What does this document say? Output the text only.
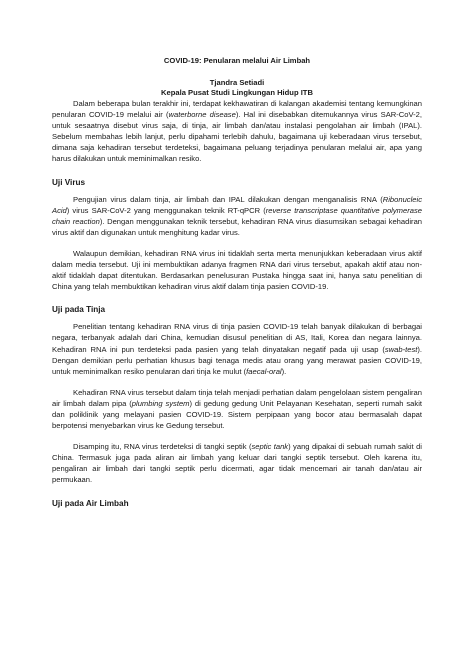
COVID-19: Penularan melalui Air Limbah
Tjandra Setiadi
Kepala Pusat Studi Lingkungan Hidup ITB

Dalam beberapa bulan terakhir ini, terdapat kekhawatiran di kalangan akademisi tentang kemungkinan penularan COVID-19 melalui air (waterborne disease). Hal ini disebabkan ditemukannya virus SAR-CoV-2, untuk sesaatnya disebut virus saja, di tinja, air limbah dan/atau instalasi pengolahan air limbah (IPAL). Sebelum membahas lebih lanjut, perlu dipahami terlebih dahulu, bagaimana uji keberadaan virus tersebut, dimana saja kehadiran tersebut terdeteksi, bagaimana peluang terjadinya penularan melalui air, apa yang harus dilakukan untuk meminimalkan resiko.

Uji Virus

Pengujian virus dalam tinja, air limbah dan IPAL dilakukan dengan menganalisis RNA (Ribonucleic Acid) virus SAR-CoV-2 yang menggunakan teknik RT-qPCR (reverse transcriptase quantitative polymerase chain reaction). Dengan menggunakan teknik tersebut, kehadiran RNA virus diasumsikan sebagai kehadiran virus aktif dan digunakan untuk menghitung kadar virus.

Walaupun demikian, kehadiran RNA virus ini tidaklah serta merta menunjukkan keberadaan virus aktif dalam media tersebut. Uji ini membuktikan adanya fragmen RNA dari virus tersebut, apakah aktif atau non-aktif tidaklah dapat ditentukan. Berdasarkan penelusuran Pustaka hingga saat ini, hanya satu penelitian di China yang telah membuktikan kehadiran virus aktif dalam tinja pasien COVID-19.

Uji pada Tinja

Penelitian tentang kehadiran RNA virus di tinja pasien COVID-19 telah banyak dilakukan di berbagai negara, terbanyak adalah dari China, kemudian disusul penelitian di AS, Itali, Korea dan negara lainnya. Kehadiran RNA ini pun terdeteksi pada pasien yang telah dinyatakan negatif pada uji usap (swab-test). Dengan demikian perlu perhatian khusus bagi tenaga medis atau orang yang merawat pasien COVID-19, untuk meminimalkan resiko penularan dari tinja ke mulut (faecal-oral).

Kehadiran RNA virus tersebut dalam tinja telah menjadi perhatian dalam pengelolaan sistem pengaliran air limbah dalam pipa (plumbing system) di gedung gedung Unit Pelayanan Kesehatan, seperti rumah sakit dan poliklinik yang melayani pasien COVID-19. Sistem perpipaan yang bocor atau bermasalah dapat berpotensi menyebarkan virus ke Gedung tersebut.

Disamping itu, RNA virus terdeteksi di tangki septik (septic tank) yang dipakai di sebuah rumah sakit di China. Termasuk juga pada aliran air limbah yang keluar dari tangki septik tersebut. Oleh karena itu, pengaliran air limbah dari tangki septik perlu dicermati, agar tidak mencemari air tanah dan/atau air permukaan.

Uji pada Air Limbah
